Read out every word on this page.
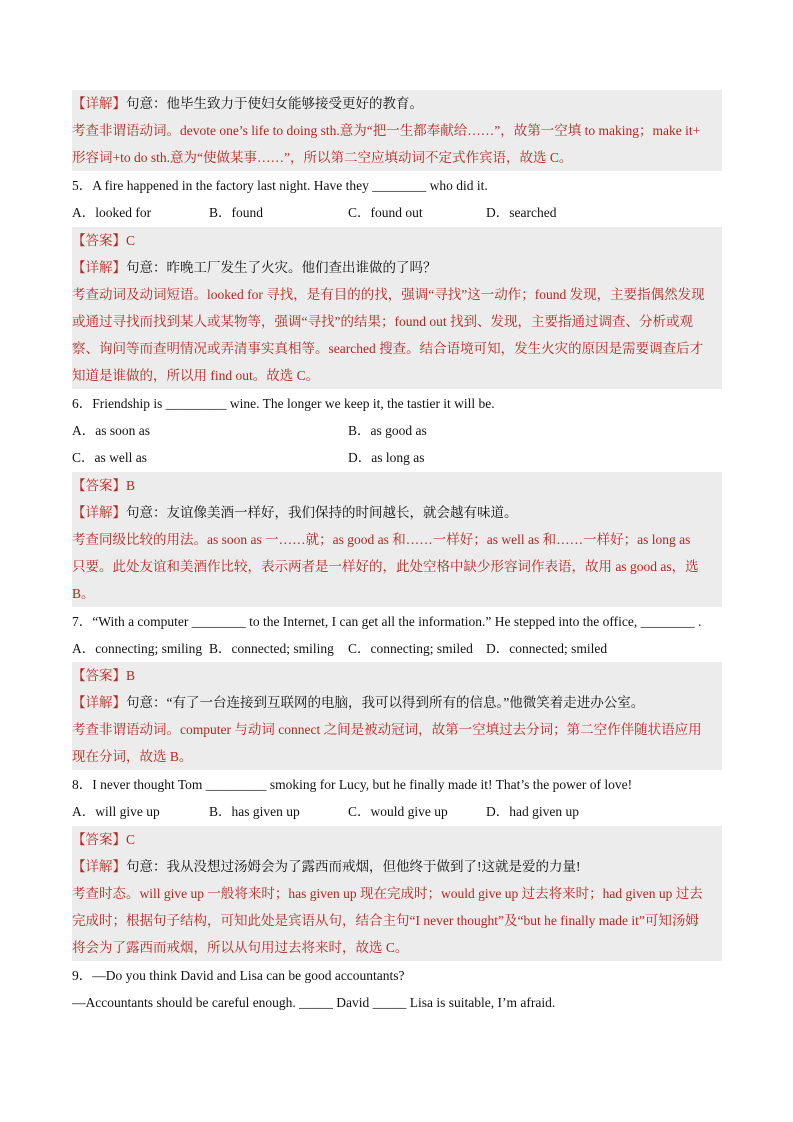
【详解】句意：他毕生致力于使妇女能够接受更好的教育。
考查非谓语动词。devote one’s life to doing sth.意为“把一生都奉献给……”，故第一空填 to making；make it+
形容词+to do sth.意为“使做某事……”，所以第二空应填动词不定式作宾语，故选 C。
5．A fire happened in the factory last night. Have they ________ who did it.
A．looked for	B．found	C．found out	D．searched
【答案】C
【详解】句意：昨晚工厂发生了火灾。他们查出谁做的了吗？
考查动词及动词短语。looked for 寻找，是有目的的找，强调“寻找”这一动作；found 发现，主要指偶然发现
或通过寻找而找到某人或某物等，强调“寻找”的结果；found out 找到、发现，主要指通过调查、分析或观
察、询问等而查明情况或弄清事实真相等。searched 搜查。结合语境可知，发生火灾的原因是需要调查后才
知道是谁做的，所以用 find out。故选 C。
6．Friendship is _________ wine. The longer we keep it, the tastier it will be.
A．as soon as	B．as good as
C．as well as	D．as long as
【答案】B
【详解】句意：友谊像美酒一样好，我们保持的时间越长，就会越有味道。
考查同级比较的用法。as soon as 一……就；as good as 和……一样好；as well as 和……一样好；as long as
只要。此处友谊和美酒作比较，表示两者是一样好的，此处空格中缺少形容词作表语，故用 as good as，选
B。
7．“With a computer ________ to the Internet, I can get all the information.” He stepped into the office, ________ .
A．connecting; smiling B．connected; smiling C．connecting; smiled D．connected; smiled
【答案】B
【详解】句意：“有了一台连接到互联网的电脑，我可以得到所有的信息。”他微笑着走进办公室。
考查非谓语动词。computer 与动词 connect 之间是被动冠词，故第一空填过去分词；第二空作伴随状语应用
现在分词，故选 B。
8．I never thought Tom _________ smoking for Lucy, but he finally made it! That’s the power of love!
A．will give up	B．has given up	C．would give up	D．had given up
【答案】C
【详解】句意：我从没想过汤姆会为了露西而戒烟，但他终于做到了!这就是爱的力量!
考查时态。will give up 一般将来时；has given up 现在完成时；would give up 过去将来时；had given up 过去
完成时；根据句子结构，可知此处是宾语从句，结合主句“I never thought”及“but he finally made it”可知汤姆
将会为了露西而戒烟，所以从句用过去将来时，故选 C。
9．—Do you think David and Lisa can be good accountants?
—Accountants should be careful enough. _____ David _____ Lisa is suitable, I’m afraid.
